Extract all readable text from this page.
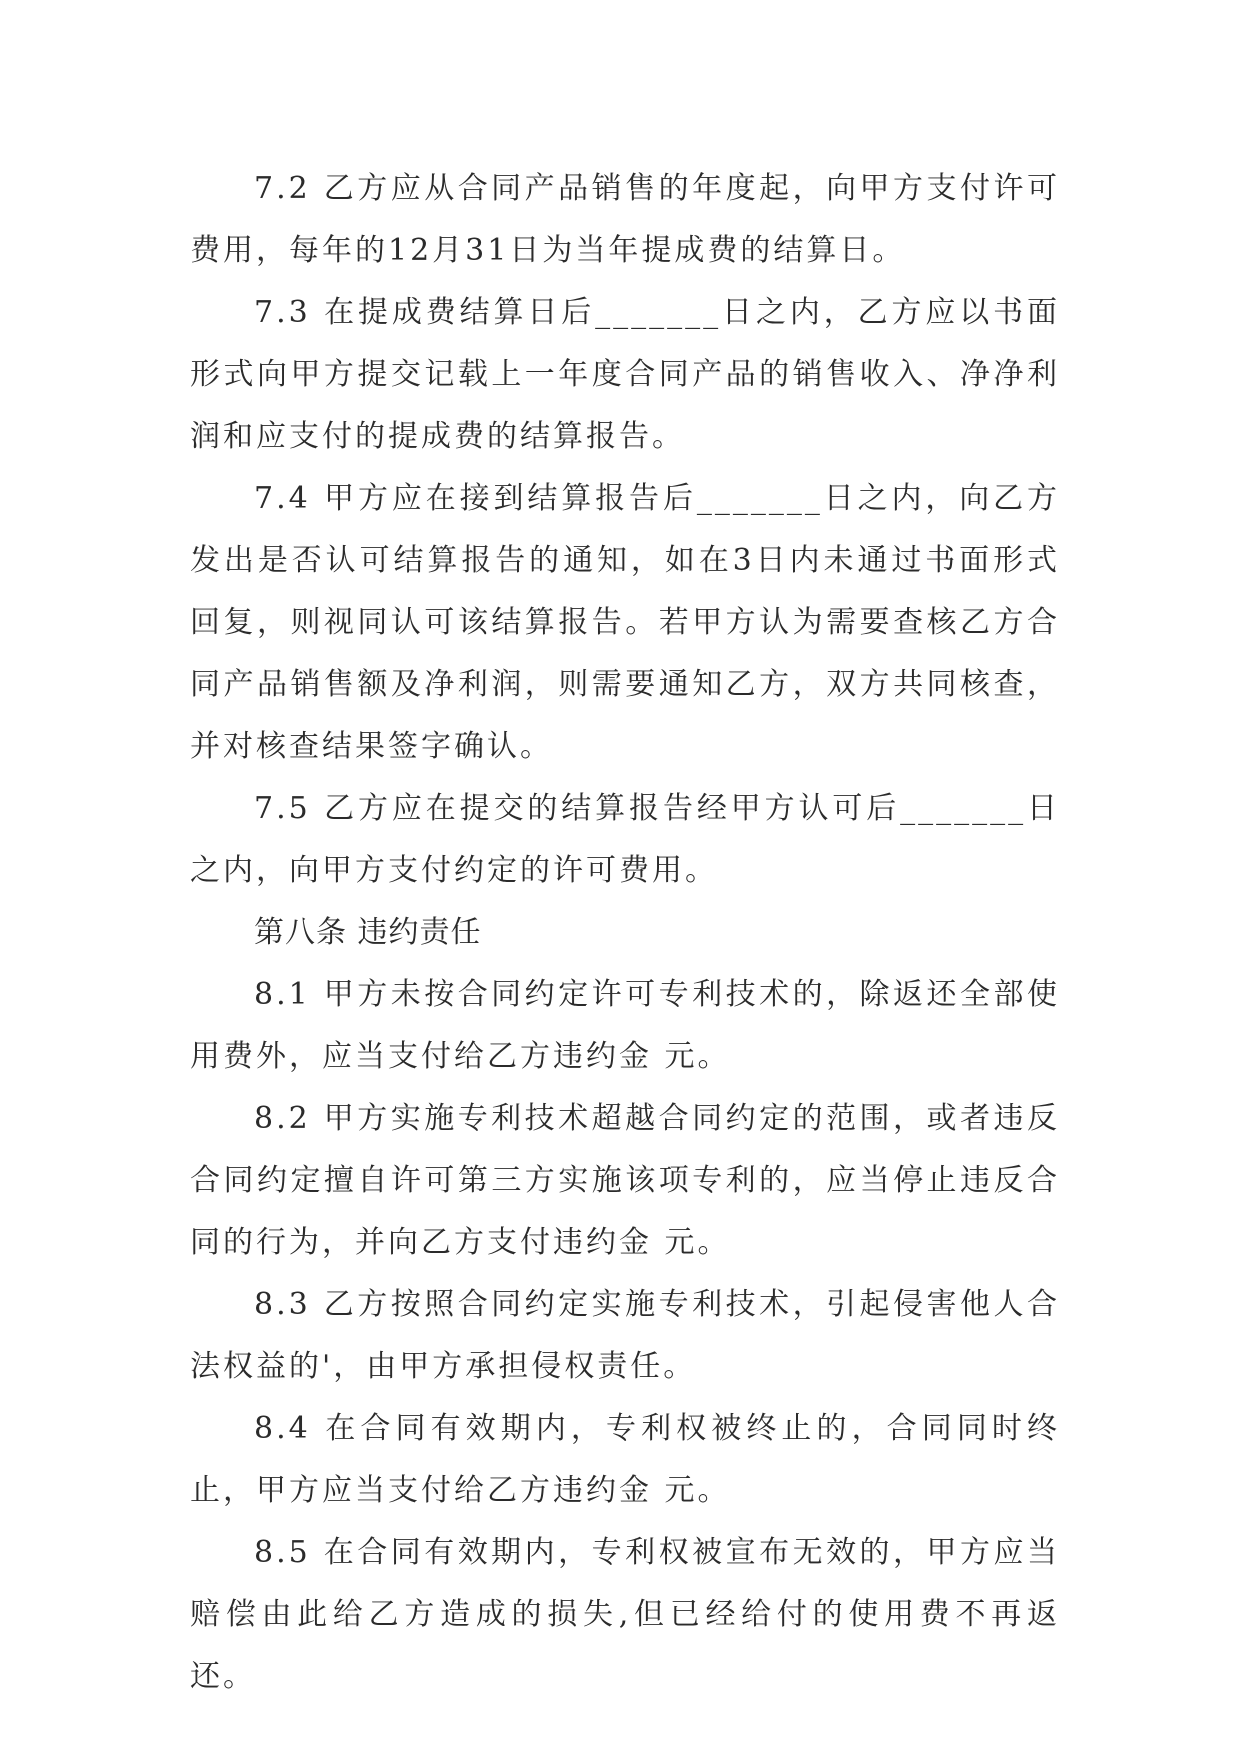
7.2 乙方应从合同产品销售的年度起，向甲方支付许可费用，每年的12月31日为当年提成费的结算日。

7.3 在提成费结算日后_______日之内，乙方应以书面形式向甲方提交记载上一年度合同产品的销售收入、净净利润和应支付的提成费的结算报告。

7.4 甲方应在接到结算报告后_______日之内，向乙方发出是否认可结算报告的通知，如在3日内未通过书面形式回复，则视同认可该结算报告。若甲方认为需要查核乙方合同产品销售额及净利润，则需要通知乙方，双方共同核查，并对核查结果签字确认。

7.5 乙方应在提交的结算报告经甲方认可后_______日之内，向甲方支付约定的许可费用。

第八条 违约责任

8.1 甲方未按合同约定许可专利技术的，除返还全部使用费外，应当支付给乙方违约金 元。

8.2 甲方实施专利技术超越合同约定的范围，或者违反合同约定擅自许可第三方实施该项专利的，应当停止违反合同的行为，并向乙方支付违约金 元。

8.3 乙方按照合同约定实施专利技术，引起侵害他人合法权益的'，由甲方承担侵权责任。

8.4 在合同有效期内，专利权被终止的，合同同时终止，甲方应当支付给乙方违约金 元。

8.5 在合同有效期内，专利权被宣布无效的，甲方应当赔偿由此给乙方造成的损失,但已经给付的使用费不再返还。
